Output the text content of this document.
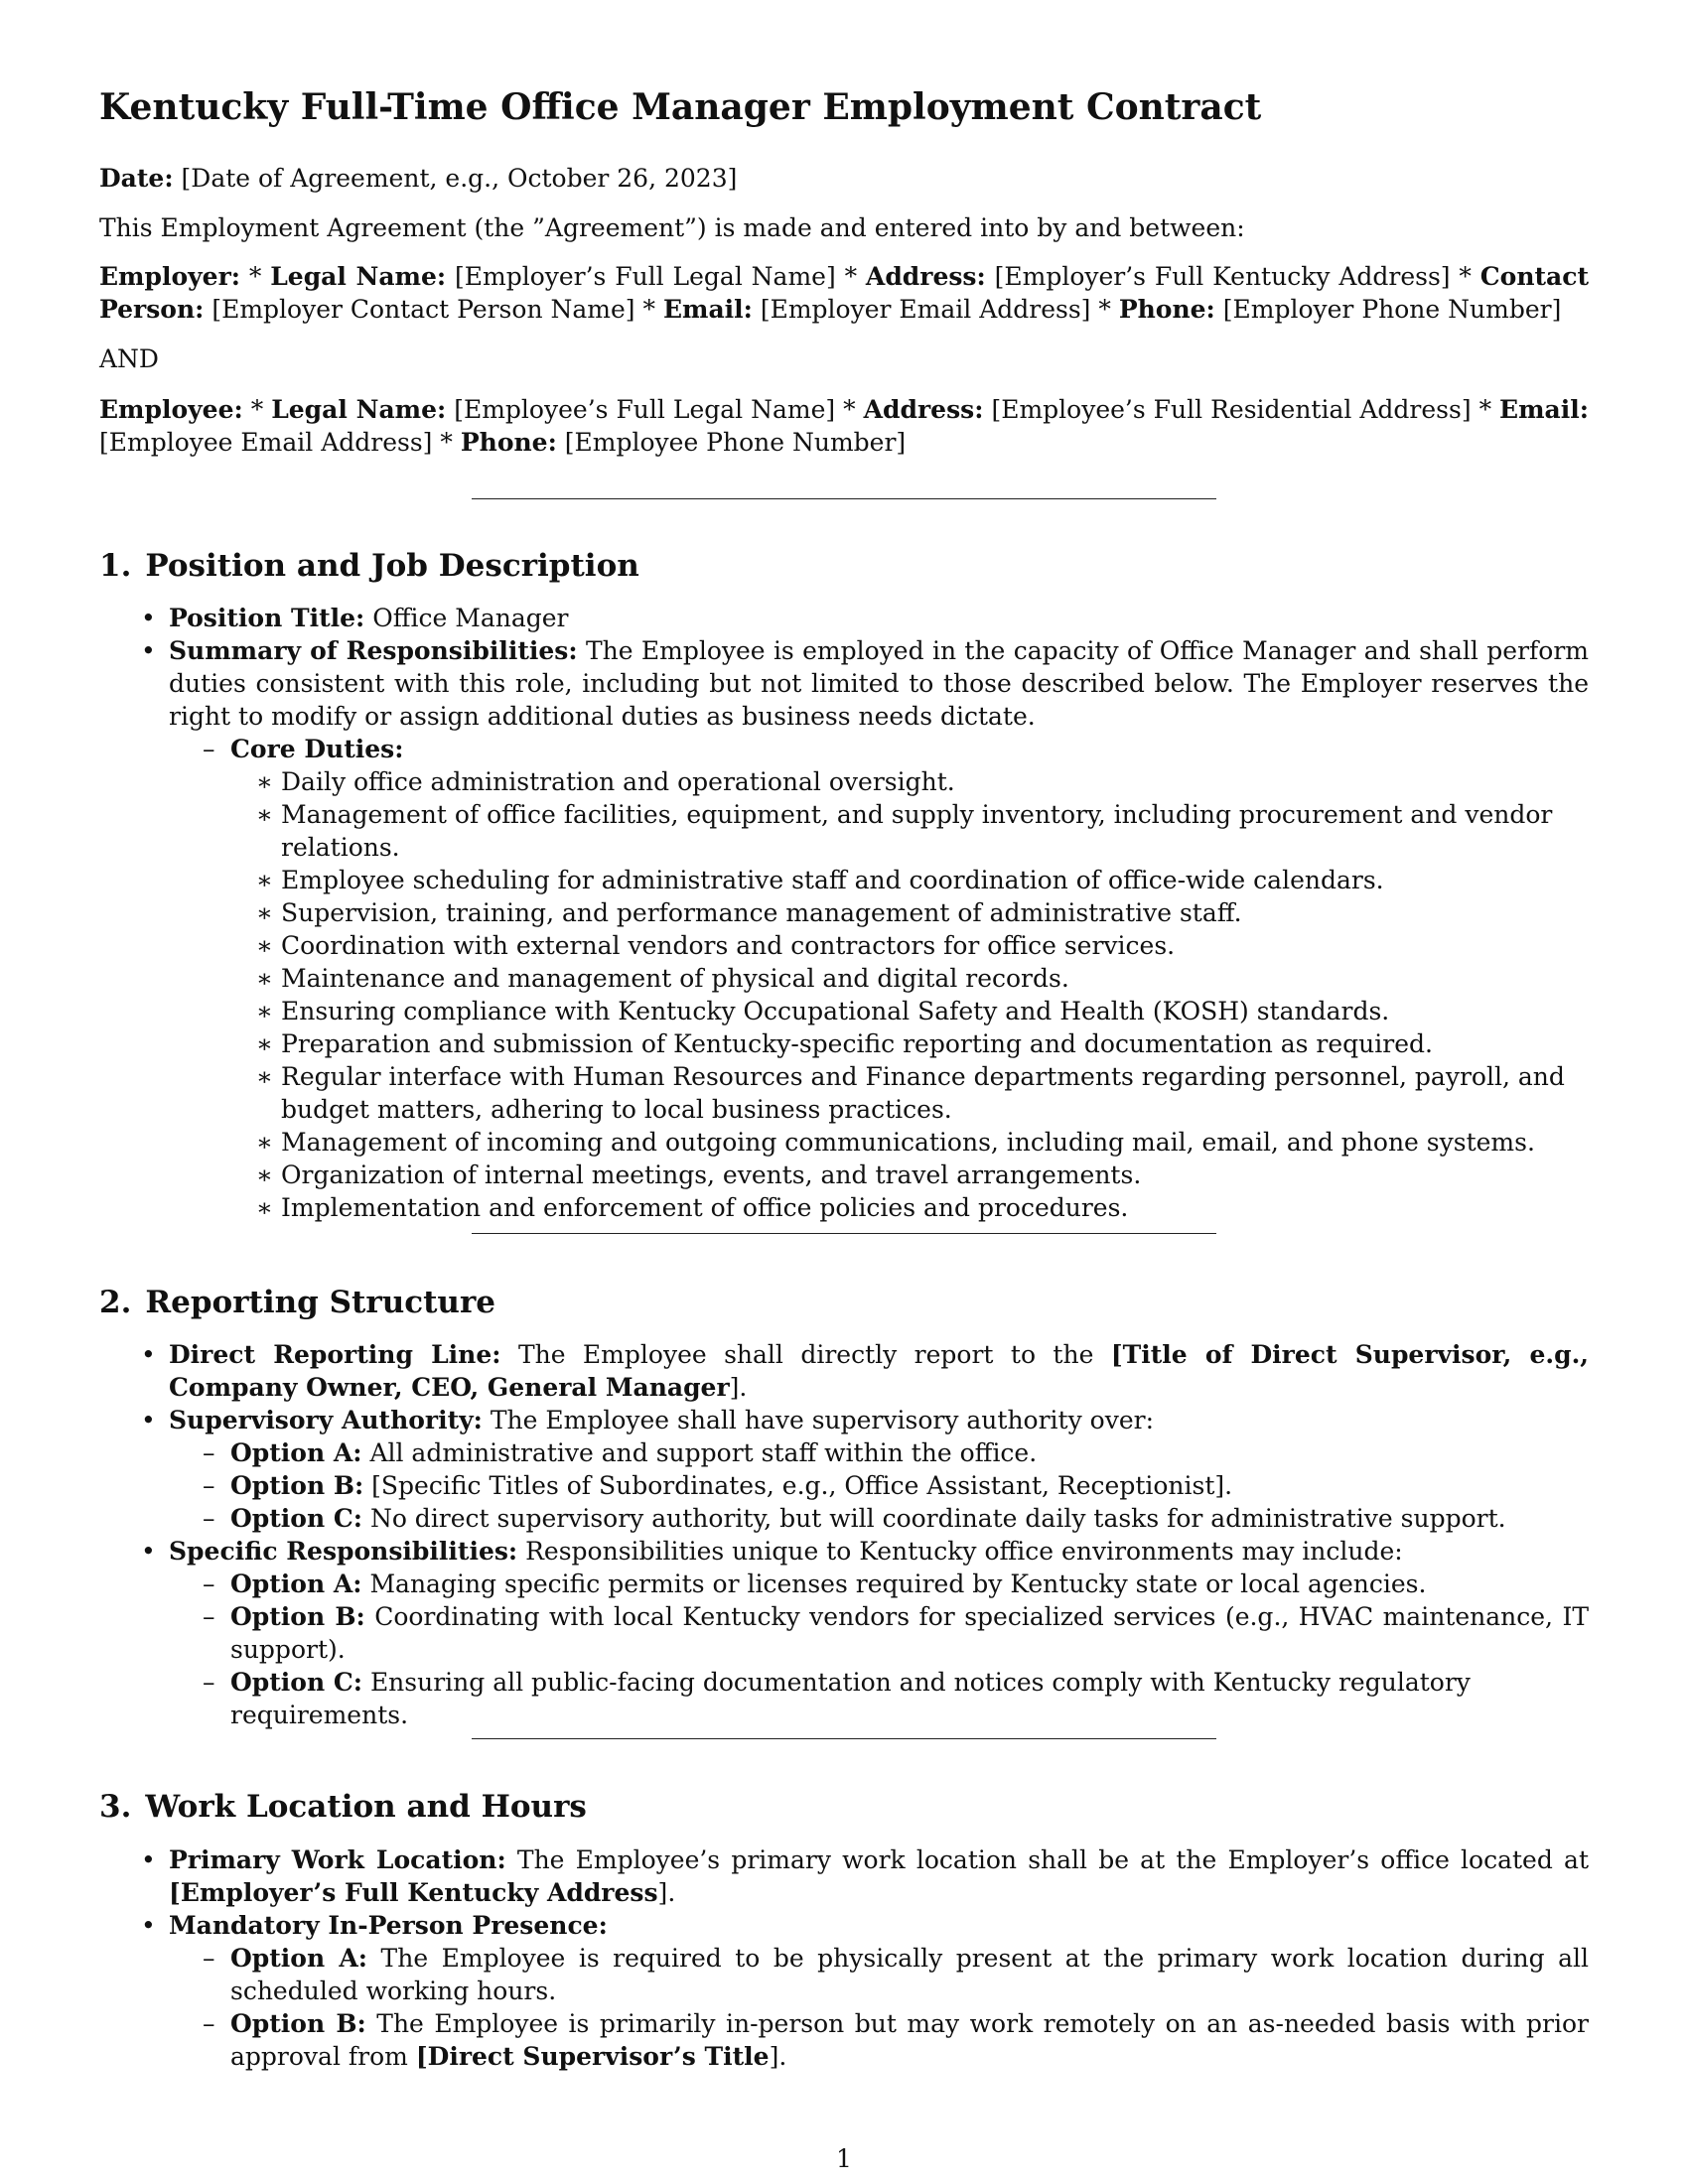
Kentucky Full-Time Office Manager Employment Contract

Date: [Date of Agreement, e.g., October 26, 2023]

This Employment Agreement (the ”Agreement”) is made and entered into by and between:

Employer: * Legal Name: [Employer’s Full Legal Name] * Address: [Employer’s Full Kentucky Address] * Contact Person: [Employer Contact Person Name] * Email: [Employer Email Address] * Phone: [Employer Phone Number]

AND

Employee: * Legal Name: [Employee’s Full Legal Name] * Address: [Employee’s Full Residential Address] * Email: [Employee Email Address] * Phone: [Employee Phone Number]

1. Position and Job Description
• Position Title: Office Manager
• Summary of Responsibilities: The Employee is employed in the capacity of Office Manager and shall perform duties consistent with this role, including but not limited to those described below. The Employer reserves the right to modify or assign additional duties as business needs dictate.
– Core Duties:
∗ Daily office administration and operational oversight.
∗ Management of office facilities, equipment, and supply inventory, including procurement and vendor relations.
∗ Employee scheduling for administrative staff and coordination of office-wide calendars.
∗ Supervision, training, and performance management of administrative staff.
∗ Coordination with external vendors and contractors for office services.
∗ Maintenance and management of physical and digital records.
∗ Ensuring compliance with Kentucky Occupational Safety and Health (KOSH) standards.
∗ Preparation and submission of Kentucky-specific reporting and documentation as required.
∗ Regular interface with Human Resources and Finance departments regarding personnel, payroll, and budget matters, adhering to local business practices.
∗ Management of incoming and outgoing communications, including mail, email, and phone systems.
∗ Organization of internal meetings, events, and travel arrangements.
∗ Implementation and enforcement of office policies and procedures.
2. Reporting Structure
• Direct Reporting Line: The Employee shall directly report to the [Title of Direct Supervisor, e.g., Company Owner, CEO, General Manager].
• Supervisory Authority: The Employee shall have supervisory authority over:
– Option A: All administrative and support staff within the office.
– Option B: [Specific Titles of Subordinates, e.g., Office Assistant, Receptionist].
– Option C: No direct supervisory authority, but will coordinate daily tasks for administrative support.
• Specific Responsibilities: Responsibilities unique to Kentucky office environments may include:
– Option A: Managing specific permits or licenses required by Kentucky state or local agencies.
– Option B: Coordinating with local Kentucky vendors for specialized services (e.g., HVAC maintenance, IT support).
– Option C: Ensuring all public-facing documentation and notices comply with Kentucky regulatory requirements.
3. Work Location and Hours
• Primary Work Location: The Employee’s primary work location shall be at the Employer’s office located at [Employer’s Full Kentucky Address].
• Mandatory In-Person Presence:
– Option A: The Employee is required to be physically present at the primary work location during all scheduled working hours.
– Option B: The Employee is primarily in-person but may work remotely on an as-needed basis with prior approval from [Direct Supervisor’s Title].
1
